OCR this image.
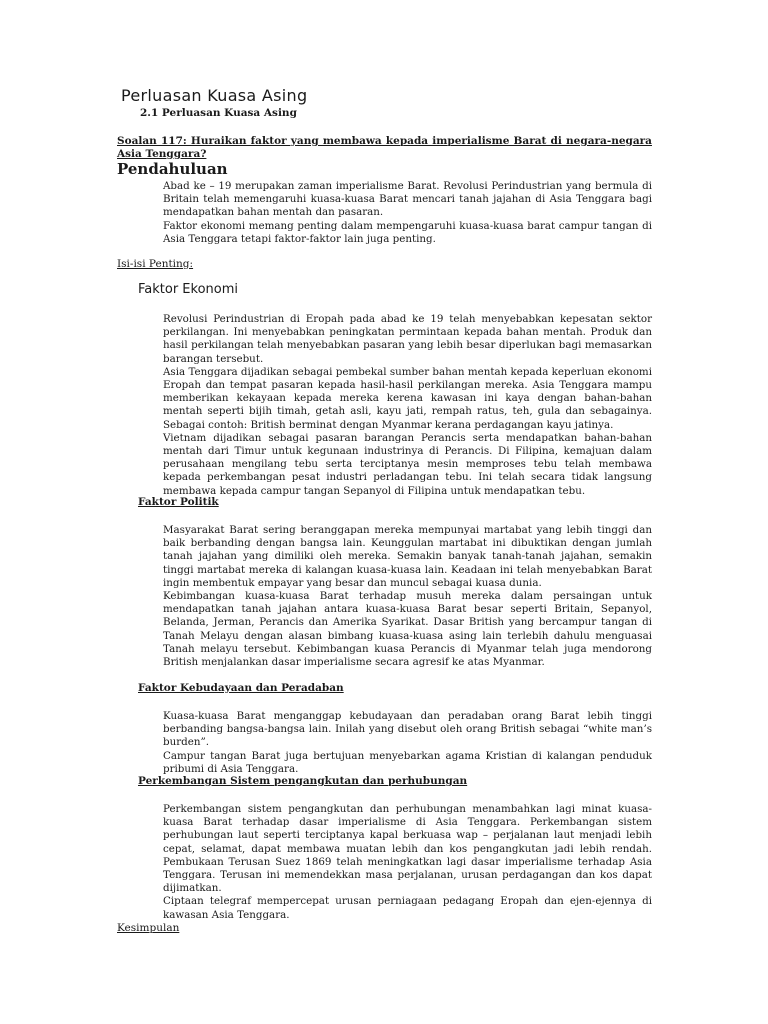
Perluasan Kuasa Asing

2.1 Perluasan Kuasa Asing

Soalan 117: Huraikan faktor yang membawa kepada imperialisme Barat di negara-negara Asia Tenggara?

Pendahuluan
Abad ke – 19 merupakan zaman imperialisme Barat. Revolusi Perindustrian yang bermula di Britain telah memengaruhi kuasa-kuasa Barat mencari tanah jajahan di Asia Tenggara bagi mendapatkan bahan mentah dan pasaran.
Faktor ekonomi memang penting dalam mempengaruhi kuasa-kuasa barat campur tangan di Asia Tenggara tetapi faktor-faktor lain juga penting.

Isi-isi Penting:

Faktor Ekonomi
Revolusi Perindustrian di Eropah pada abad ke 19 telah menyebabkan kepesatan sektor perkilangan. Ini menyebabkan peningkatan permintaan kepada bahan mentah. Produk dan hasil perkilangan telah menyebabkan pasaran yang lebih besar diperlukan bagi memasarkan barangan tersebut.
Asia Tenggara dijadikan sebagai pembekal sumber bahan mentah kepada keperluan ekonomi Eropah dan tempat pasaran kepada hasil-hasil perkilangan mereka. Asia Tenggara mampu memberikan kekayaan kepada mereka kerena kawasan ini kaya dengan bahan-bahan mentah seperti bijih timah, getah asli, kayu jati, rempah ratus, teh, gula dan sebagainya. Sebagai contoh: British berminat dengan Myanmar kerana perdagangan kayu jatinya.
Vietnam dijadikan sebagai pasaran barangan Perancis serta mendapatkan bahan-bahan mentah dari Timur untuk kegunaan industrinya di Perancis. Di Filipina, kemajuan dalam perusahaan mengilang tebu serta terciptanya mesin memproses tebu telah membawa kepada perkembangan pesat industri perladangan tebu. Ini telah secara tidak langsung membawa kepada campur tangan Sepanyol di Filipina untuk mendapatkan tebu.

Faktor Politik

Masyarakat Barat sering beranggapan mereka mempunyai martabat yang lebih tinggi dan baik berbanding dengan bangsa lain. Keunggulan martabat ini dibuktikan dengan jumlah tanah jajahan yang dimiliki oleh mereka. Semakin banyak tanah-tanah jajahan, semakin tinggi martabat mereka di kalangan kuasa-kuasa lain. Keadaan ini telah menyebabkan Barat ingin membentuk empayar yang besar dan muncul sebagai kuasa dunia.
Kebimbangan kuasa-kuasa Barat terhadap musuh mereka dalam persaingan untuk mendapatkan tanah jajahan antara kuasa-kuasa Barat besar seperti Britain, Sepanyol, Belanda, Jerman, Perancis dan Amerika Syarikat. Dasar British yang bercampur tangan di Tanah Melayu dengan alasan bimbang kuasa-kuasa asing lain terlebih dahulu menguasai Tanah melayu tersebut. Kebimbangan kuasa Perancis di Myanmar telah juga mendorong British menjalankan dasar imperialisme secara agresif ke atas Myanmar.

Faktor Kebudayaan dan Peradaban

Kuasa-kuasa Barat menganggap kebudayaan dan peradaban orang Barat lebih tinggi berbanding bangsa-bangsa lain. Inilah yang disebut oleh orang British sebagai “white man’s burden”.
Campur tangan Barat juga bertujuan menyebarkan agama Kristian di kalangan penduduk pribumi di Asia Tenggara.

Perkembangan Sistem pengangkutan dan perhubungan

Perkembangan sistem pengangkutan dan perhubungan menambahkan lagi minat kuasa-kuasa Barat terhadap dasar imperialisme di Asia Tenggara. Perkembangan sistem perhubungan laut seperti terciptanya kapal berkuasa wap – perjalanan laut menjadi lebih cepat, selamat, dapat membawa muatan lebih dan kos pengangkutan jadi lebih rendah. Pembukaan Terusan Suez 1869 telah meningkatkan lagi dasar imperialisme terhadap Asia Tenggara. Terusan ini memendekkan masa perjalanan, urusan perdagangan dan kos dapat dijimatkan.
Ciptaan telegraf mempercepat urusan perniagaan pedagang Eropah dan ejen-ejennya di kawasan Asia Tenggara.

Kesimpulan
